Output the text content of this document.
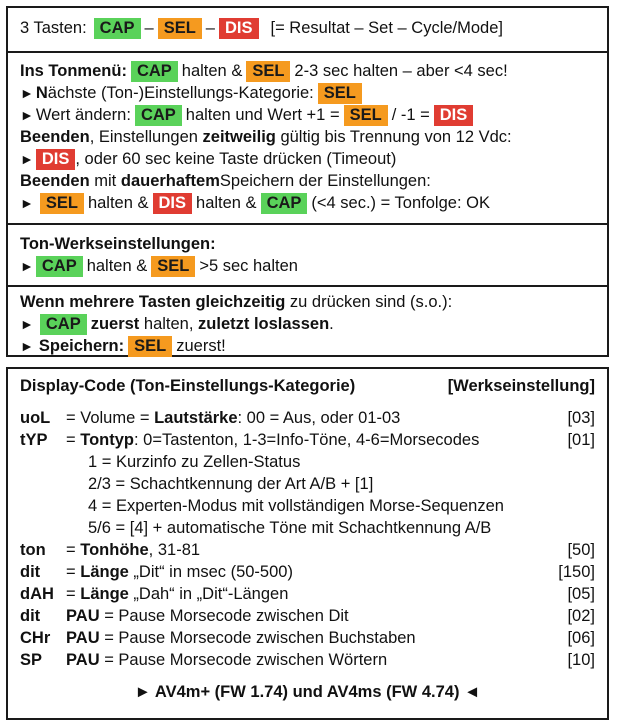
3 Tasten: CAP – SEL – DIS	[= Resultat – Set – Cycle/Mode]
Ins Tonmenü: CAP halten & SEL 2-3 sec halten – aber <4 sec!
► N ächste (Ton-)Einstellungs-Kategorie: SEL
► Wert ändern: CAP halten und Wert +1 = SEL / -1 = DIS
Beenden , Einstellungen zeitweilig gültig bis Trennung von 12 Vdc:
► DIS , oder 60 sec keine Taste drücken (Timeout)
Beenden mit dauerhaftem Speichern der Einstellungen:
► SEL halten & DIS halten & CAP (<4 sec.) = Tonfolge: OK
Ton-Werkseinstellungen:
► CAP halten & SEL >5 sec halten
Wenn mehrere Tasten gleichzeitig zu drücken sind (s.o.):
► CAP zuerst halten, zuletzt loslassen .
► Speichern: SEL zuerst!
Display-Code (Ton-Einstellungs-Kategorie)	[Werkseinstellung]
uoL = Volume = Lautstärke: 00 = Aus, oder 01-03	[03]
tYP	= Tontyp: 0=Tastenton, 1-3=Info-Töne, 4-6=Morsecodes	[01]
1 = Kurzinfo zu Zellen-Status
2/3 = Schachtkennung der Art A/B + [1]
4 = Experten-Modus mit vollständigen Morse-Sequenzen
5/6 = [4] + automatische Töne mit Schachtkennung A/B
ton	= Tonhöhe, 31-81	[50]
dit	= Länge „Dit“ in msec (50-500)	[150]
dAH = Länge „Dah“ in „Dit“-Längen	[05]
dit	PAU = Pause Morsecode zwischen Dit	[02]
CHr PAU = Pause Morsecode zwischen Buchstaben	[06]
SP	PAU = Pause Morsecode zwischen Wörtern	[10]
► AV4m+ (FW 1.74) und AV4ms (FW 4.74) ◄
